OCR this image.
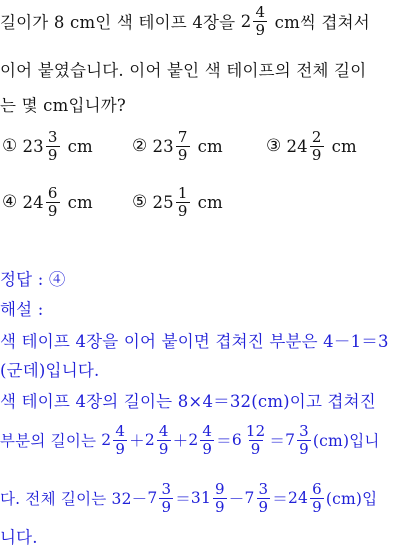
길이가 8 cm인 색 테이프 4장을 $2 \frac{4}{9}$ cm씩 겹쳐서
이어 붙였습니다. 이어 붙인 색 테이프의 전체 길이
는 몇 cm입니까?
① $23 \frac{3}{9}$ cm ② $23 \frac{7}{9}$ cm	③ $24 \frac{2}{9}$ cm
④ $24 \frac{6}{9}$ cm ⑤ $25 \frac{1}{9}$ cm
정답 : ④
해설 :
색 테이프 4장을 이어 붙이면 겹쳐진 부분은 4－1＝3
(군데)입니다.
색 테이프 4장의 길이는 8×4＝32(cm)이고 겹쳐진
부분의 길이는 $2 \frac{4}{9} + 2 \frac{4}{9} + 2 \frac{4}{9} = 6 \frac{12}{9} = 7 \frac{3}{9} (cm)$입니
다. 전체 길이는 $32- 7 \frac{3}{9} = 31 \frac{9}{9} - 7 \frac{3}{9} = 24 \frac{6}{9} (cm)$입
니다.
